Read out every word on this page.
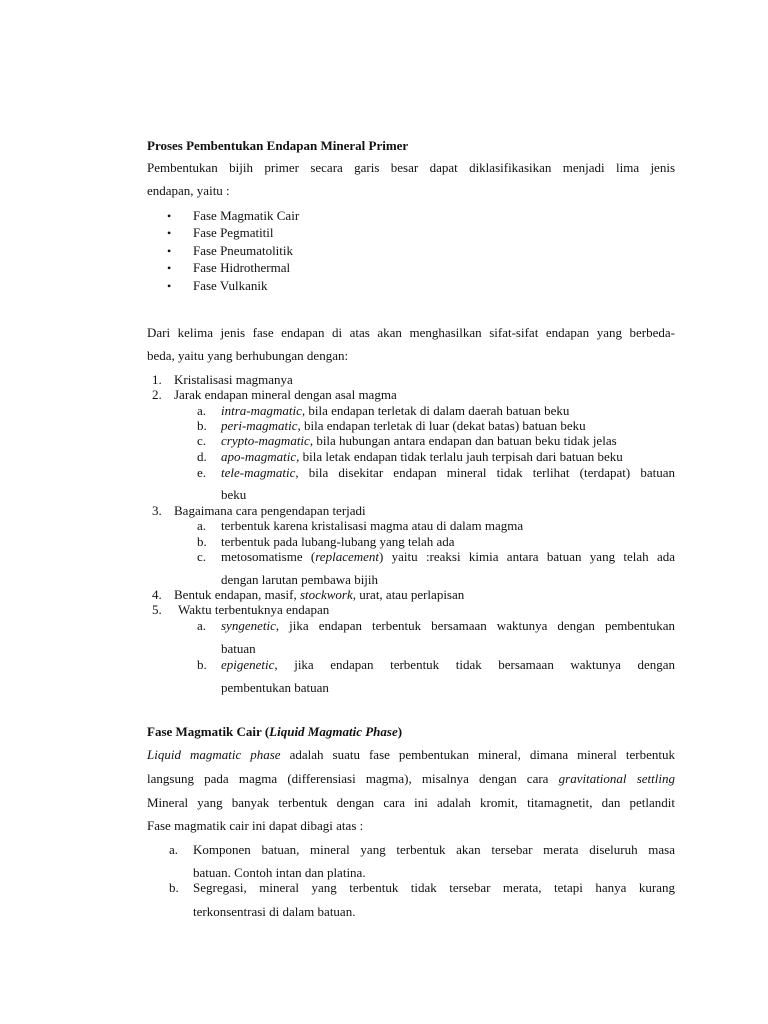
Proses Pembentukan Endapan Mineral Primer
Pembentukan bijih primer secara garis besar dapat diklasifikasikan menjadi lima jenis
endapan, yaitu :
• Fase Magmatik Cair
• Fase Pegmatitil
• Fase Pneumatolitik
• Fase Hidrothermal
• Fase Vulkanik
Dari kelima jenis fase endapan di atas akan menghasilkan sifat-sifat endapan yang berbeda-
beda, yaitu yang berhubungan dengan:
1. Kristalisasi magmanya
2. Jarak endapan mineral dengan asal magma
a. intra-magmatic, bila endapan terletak di dalam daerah batuan beku
b. peri-magmatic, bila endapan terletak di luar (dekat batas) batuan beku
c. crypto-magmatic, bila hubungan antara endapan dan batuan beku tidak jelas
d. apo-magmatic, bila letak endapan tidak terlalu jauh terpisah dari batuan beku
e. tele-magmatic, bila disekitar endapan mineral tidak terlihat (terdapat) batuan
beku
3. Bagaimana cara pengendapan terjadi
a. terbentuk karena kristalisasi magma atau di dalam magma
b. terbentuk pada lubang-lubang yang telah ada
c. metosomatisme (replacement) yaitu :reaksi kimia antara batuan yang telah ada
dengan larutan pembawa bijih
4. Bentuk endapan, masif, stockwork, urat, atau perlapisan
5. Waktu terbentuknya endapan
a. syngenetic, jika endapan terbentuk bersamaan waktunya dengan pembentukan
batuan
b. epigenetic, jika endapan terbentuk tidak bersamaan waktunya dengan
pembentukan batuan
Fase Magmatik Cair (Liquid Magmatic Phase)
Liquid magmatic phase adalah suatu fase pembentukan mineral, dimana mineral terbentuk
langsung pada magma (differensiasi magma), misalnya dengan cara gravitational settling
Mineral yang banyak terbentuk dengan cara ini adalah kromit, titamagnetit, dan petlandit
Fase magmatik cair ini dapat dibagi atas :
a. Komponen batuan, mineral yang terbentuk akan tersebar merata diseluruh masa
batuan. Contoh intan dan platina.
b. Segregasi, mineral yang terbentuk tidak tersebar merata, tetapi hanya kurang
terkonsentrasi di dalam batuan.
